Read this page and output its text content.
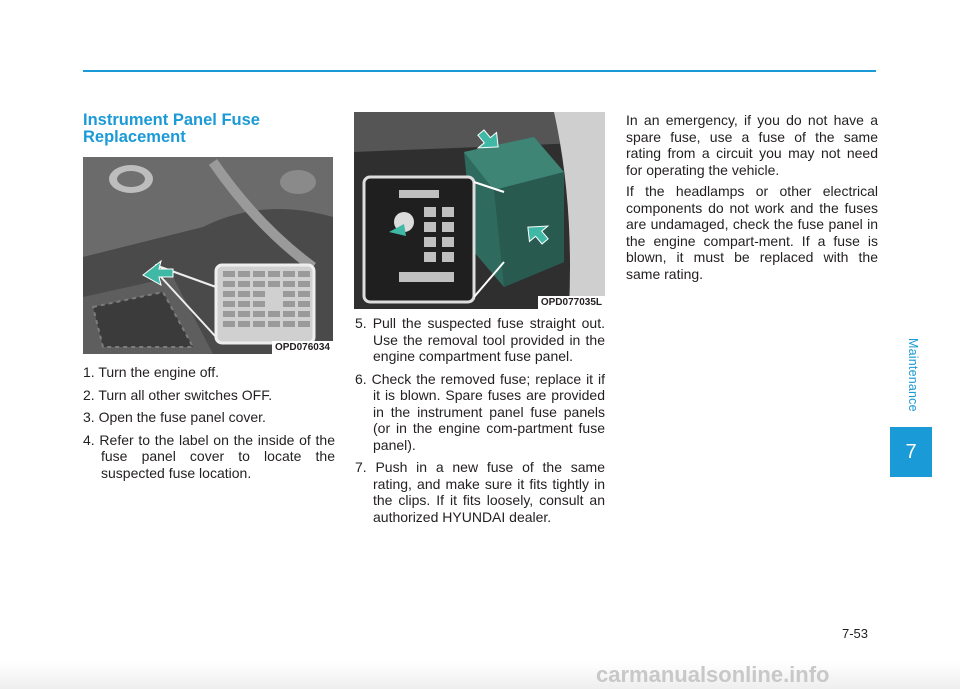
Instrument Panel Fuse Replacement
OPD076034
1. Turn the engine off.
2. Turn all other switches OFF.
3. Open the fuse panel cover.
4. Refer to the label on the inside of the fuse panel cover to locate the suspected fuse location.
OPD077035L
5. Pull the suspected fuse straight out. Use the removal tool provided in the engine compartment fuse panel.
6. Check the removed fuse; replace it if it is blown. Spare fuses are provided in the instrument panel fuse panels (or in the engine com-partment fuse panel).
7. Push in a new fuse of the same rating, and make sure it fits tightly in the clips. If it fits loosely, consult an authorized HYUNDAI dealer.

In an emergency, if you do not have a spare fuse, use a fuse of the same rating from a circuit you may not need for operating the vehicle.

If the headlamps or other electrical components do not work and the fuses are undamaged, check the fuse panel in the engine compart-ment. If a fuse is blown, it must be replaced with the same rating.

Maintenance
7
7-53
carmanualsonline.info
